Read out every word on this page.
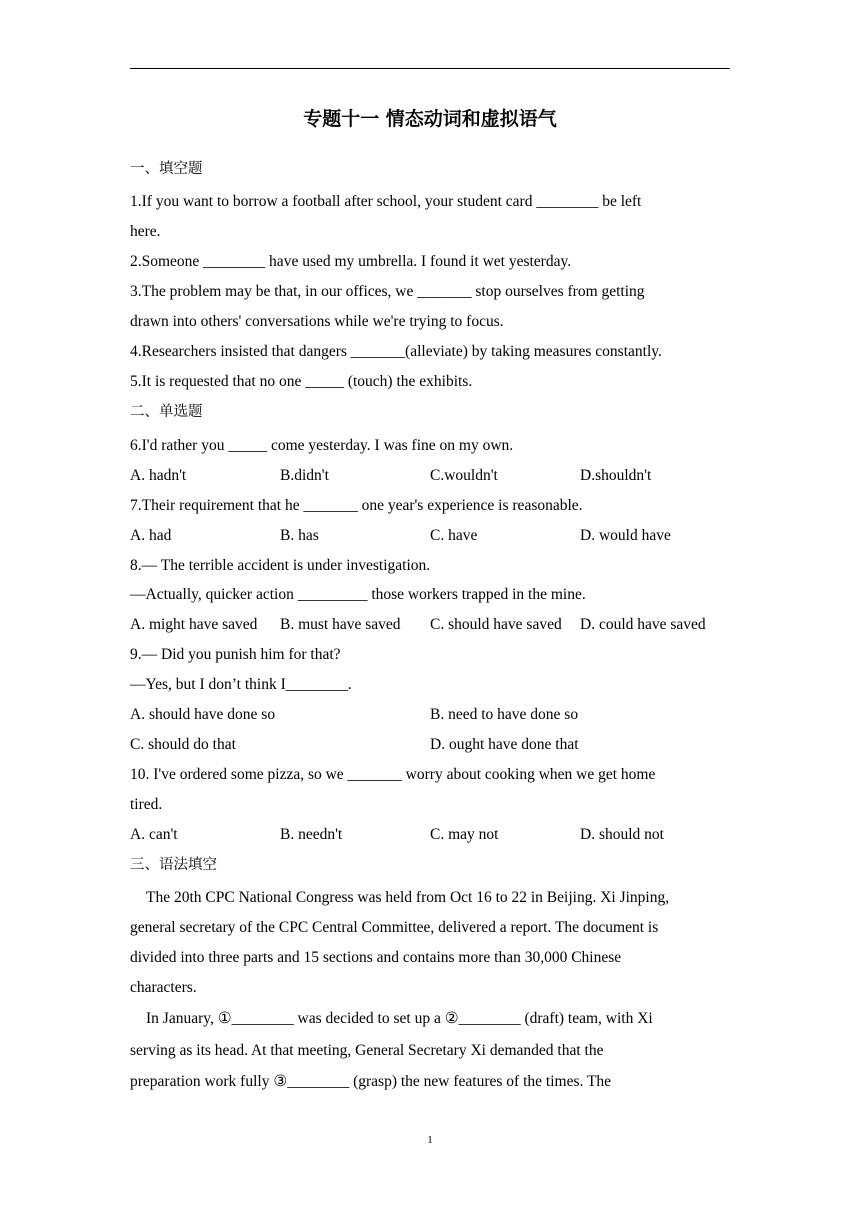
专题十一 情态动词和虚拟语气
一、填空题
1.If you want to borrow a football after school, your student card ________ be left
here.
2.Someone ________ have used my umbrella. I found it wet yesterday.
3.The problem may be that, in our offices, we _______ stop ourselves from getting
drawn into others' conversations while we're trying to focus.
4.Researchers insisted that dangers _______(alleviate) by taking measures constantly.
5.It is requested that no one _____ (touch) the exhibits.
二、单选题
6.I'd rather you _____ come yesterday. I was fine on my own.
A. hadn't	B.didn't	C.wouldn't	D.shouldn't
7.Their requirement that he _______ one year's experience is reasonable.
A. had	B. has	C. have	D. would have
8.— The terrible accident is under investigation.
—Actually, quicker action _________ those workers trapped in the mine.
A. might have saved B. must have saved C. should have saved D. could have saved
9.— Did you punish him for that?
—Yes, but I don’t think I________.
A. should have done so	B. need to have done so
C. should do that	D. ought have done that
10. I've ordered some pizza, so we _______ worry about cooking when we get home
tired.
A. can't	B. needn't	C. may not	D. should not
三、语法填空
The 20th CPC National Congress was held from Oct 16 to 22 in Beijing. Xi Jinping,
general secretary of the CPC Central Committee, delivered a report. The document is
divided into three parts and 15 sections and contains more than 30,000 Chinese
characters.
In January, ①________ was decided to set up a ②________ (draft) team, with Xi
serving as its head. At that meeting, General Secretary Xi demanded that the
preparation work fully ③________ (grasp) the new features of the times. The
1
